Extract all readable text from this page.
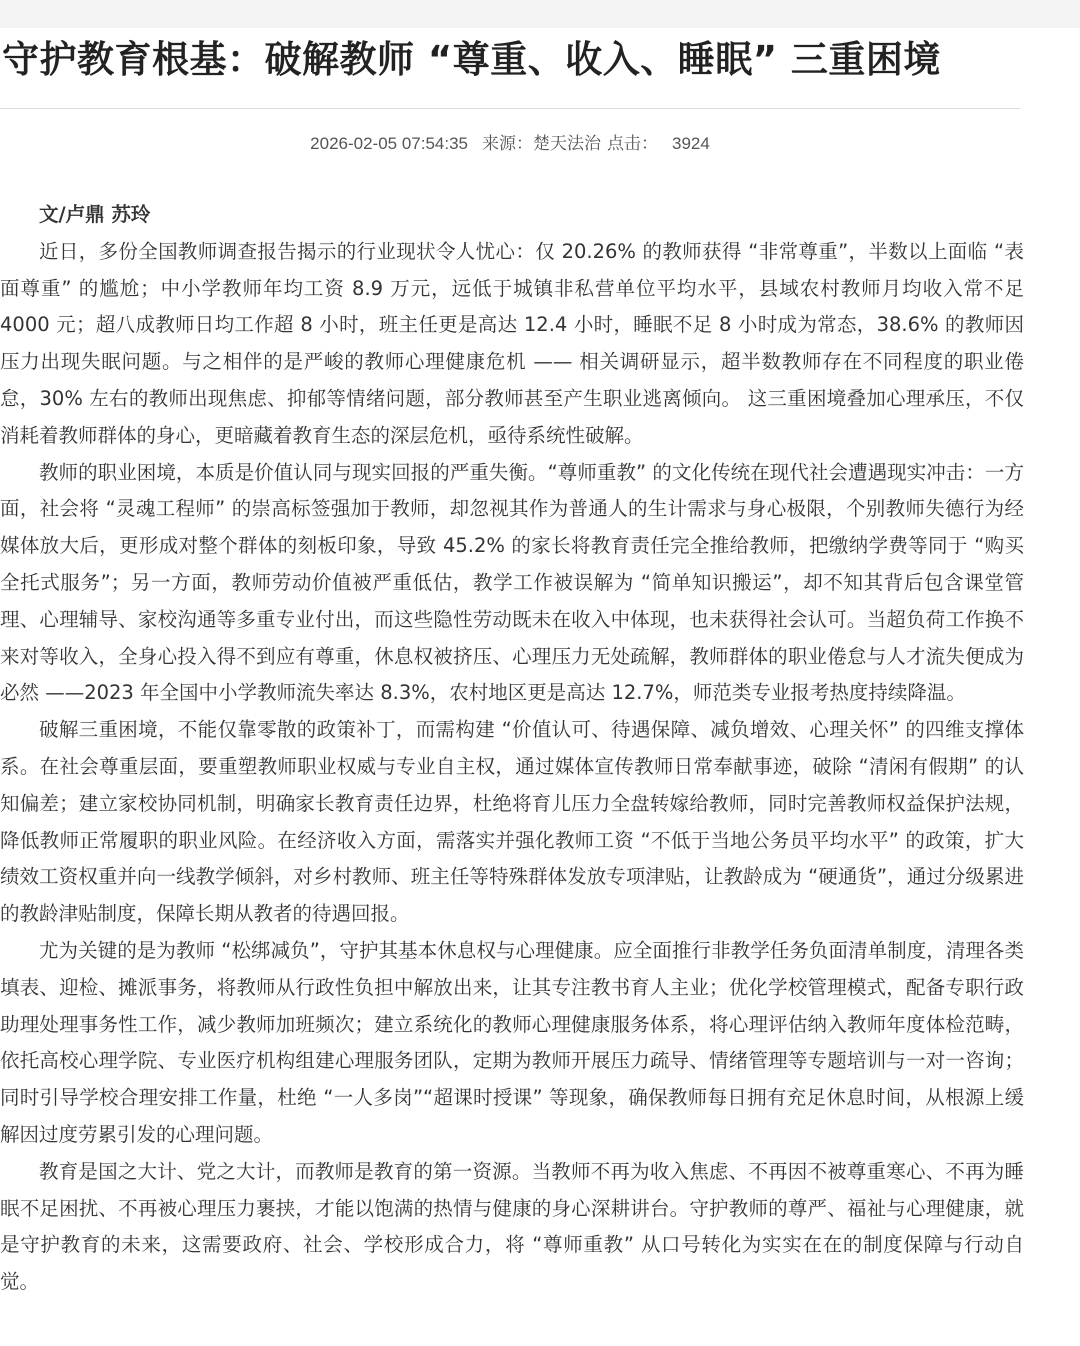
守护教育根基：破解教师 “尊重、收入、睡眠” 三重困境
2026-02-05 07:54:35 来源：楚天法治 点击： 3924

文/卢鼎 苏玲

近日，多份全国教师调查报告揭示的行业现状令人忧心：仅 20.26% 的教师获得 “非常尊重”，半数以上面临 “表面尊重” 的尴尬；中小学教师年均工资 8.9 万元，远低于城镇非私营单位平均水平，县域农村教师月均收入常不足 4000 元；超八成教师日均工作超 8 小时，班主任更是高达 12.4 小时，睡眠不足 8 小时成为常态，38.6% 的教师因压力出现失眠问题。与之相伴的是严峻的教师心理健康危机 —— 相关调研显示，超半数教师存在不同程度的职业倦怠，30% 左右的教师出现焦虑、抑郁等情绪问题，部分教师甚至产生职业逃离倾向。 这三重困境叠加心理承压，不仅消耗着教师群体的身心，更暗藏着教育生态的深层危机，亟待系统性破解。

教师的职业困境，本质是价值认同与现实回报的严重失衡。“尊师重教” 的文化传统在现代社会遭遇现实冲击：一方面，社会将 “灵魂工程师” 的崇高标签强加于教师，却忽视其作为普通人的生计需求与身心极限，个别教师失德行为经媒体放大后，更形成对整个群体的刻板印象，导致 45.2% 的家长将教育责任完全推给教师，把缴纳学费等同于 “购买全托式服务”；另一方面，教师劳动价值被严重低估，教学工作被误解为 “简单知识搬运”，却不知其背后包含课堂管理、心理辅导、家校沟通等多重专业付出，而这些隐性劳动既未在收入中体现，也未获得社会认可。当超负荷工作换不来对等收入，全身心投入得不到应有尊重，休息权被挤压、心理压力无处疏解，教师群体的职业倦怠与人才流失便成为必然 ——2023 年全国中小学教师流失率达 8.3%，农村地区更是高达 12.7%，师范类专业报考热度持续降温。

破解三重困境，不能仅靠零散的政策补丁，而需构建 “价值认可、待遇保障、减负增效、心理关怀” 的四维支撑体系。在社会尊重层面，要重塑教师职业权威与专业自主权，通过媒体宣传教师日常奉献事迹，破除 “清闲有假期” 的认知偏差；建立家校协同机制，明确家长教育责任边界，杜绝将育儿压力全盘转嫁给教师，同时完善教师权益保护法规，降低教师正常履职的职业风险。在经济收入方面，需落实并强化教师工资 “不低于当地公务员平均水平” 的政策，扩大绩效工资权重并向一线教学倾斜，对乡村教师、班主任等特殊群体发放专项津贴，让教龄成为 “硬通货”，通过分级累进的教龄津贴制度，保障长期从教者的待遇回报。

尤为关键的是为教师 “松绑减负”，守护其基本休息权与心理健康。应全面推行非教学任务负面清单制度，清理各类填表、迎检、摊派事务，将教师从行政性负担中解放出来，让其专注教书育人主业；优化学校管理模式，配备专职行政助理处理事务性工作，减少教师加班频次；建立系统化的教师心理健康服务体系，将心理评估纳入教师年度体检范畴，依托高校心理学院、专业医疗机构组建心理服务团队，定期为教师开展压力疏导、情绪管理等专题培训与一对一咨询；同时引导学校合理安排工作量，杜绝 “一人多岗”“超课时授课” 等现象，确保教师每日拥有充足休息时间，从根源上缓解因过度劳累引发的心理问题。

教育是国之大计、党之大计，而教师是教育的第一资源。当教师不再为收入焦虑、不再因不被尊重寒心、不再为睡眠不足困扰、不再被心理压力裹挟，才能以饱满的热情与健康的身心深耕讲台。守护教师的尊严、福祉与心理健康，就是守护教育的未来，这需要政府、社会、学校形成合力，将 “尊师重教” 从口号转化为实实在在的制度保障与行动自觉。
